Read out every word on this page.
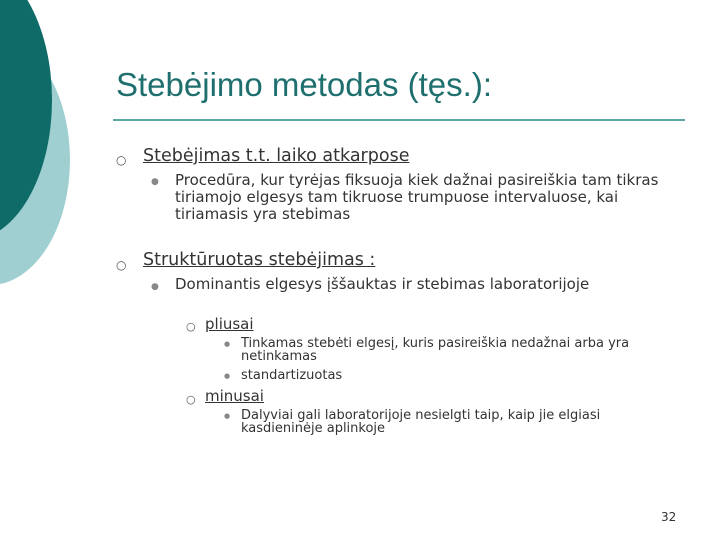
Stebėjimo metodas (tęs.):
○ Stebėjimas t.t. laiko atkarpose
● Procedūra, kur tyrėjas fiksuoja kiek dažnai pasireiškia tam tikras tiriamojo elgesys tam tikruose trumpuose intervaluose, kai tiriamasis yra stebimas
○ Struktūruotas stebėjimas :
● Dominantis elgesys įššauktas ir stebimas laboratorijoje
○ pliusai
● Tinkamas stebėti elgesį, kuris pasireiškia nedažnai arba yra netinkamas
● standartizuotas
○ minusai
● Dalyviai gali laboratorijoje nesielgti taip, kaip jie elgiasi kasdieninėje aplinkoje
32
